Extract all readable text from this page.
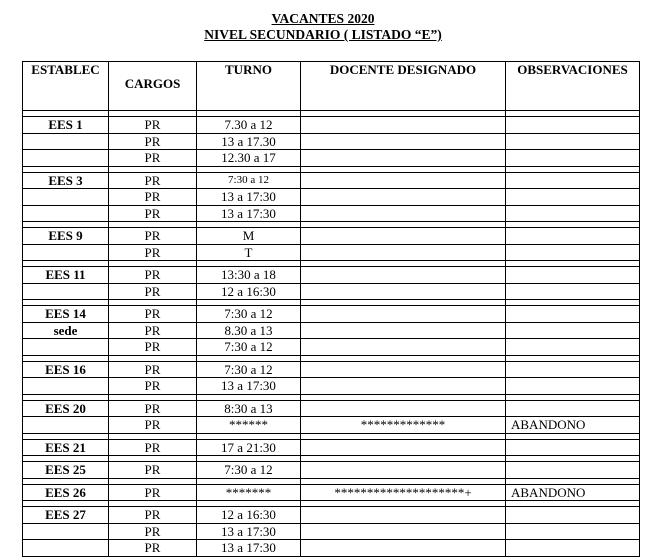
VACANTES 2020
NIVEL SECUNDARIO ( LISTADO “E”)
ESTABLEC	CARGOS	TURNO	DOCENTE DESIGNADO	OBSERVACIONES

EES 1	PR	7.30 a 12		
	PR	13 a 17.30		
	PR	12.30 a 17		

EES 3	PR	7:30 a 12		
	PR	13 a 17:30		
	PR	13 a 17:30		

EES 9	PR	M		
	PR	T		

EES 11	PR	13:30 a 18		
	PR	12 a 16:30		

EES 14	PR	7:30 a 12		
sede	PR	8.30 a 13		
	PR	7:30 a 12		

EES 16	PR	7:30 a 12		
	PR	13 a 17:30		

EES 20	PR	8:30 a 13		
	PR	******	*************	ABANDONO

EES 21	PR	17 a 21:30		

EES 25	PR	7:30 a 12		

EES 26	PR	*******	********************+	ABANDONO

EES 27	PR	12 a 16:30		
	PR	13 a 17:30		
	PR	13 a 17:30		
